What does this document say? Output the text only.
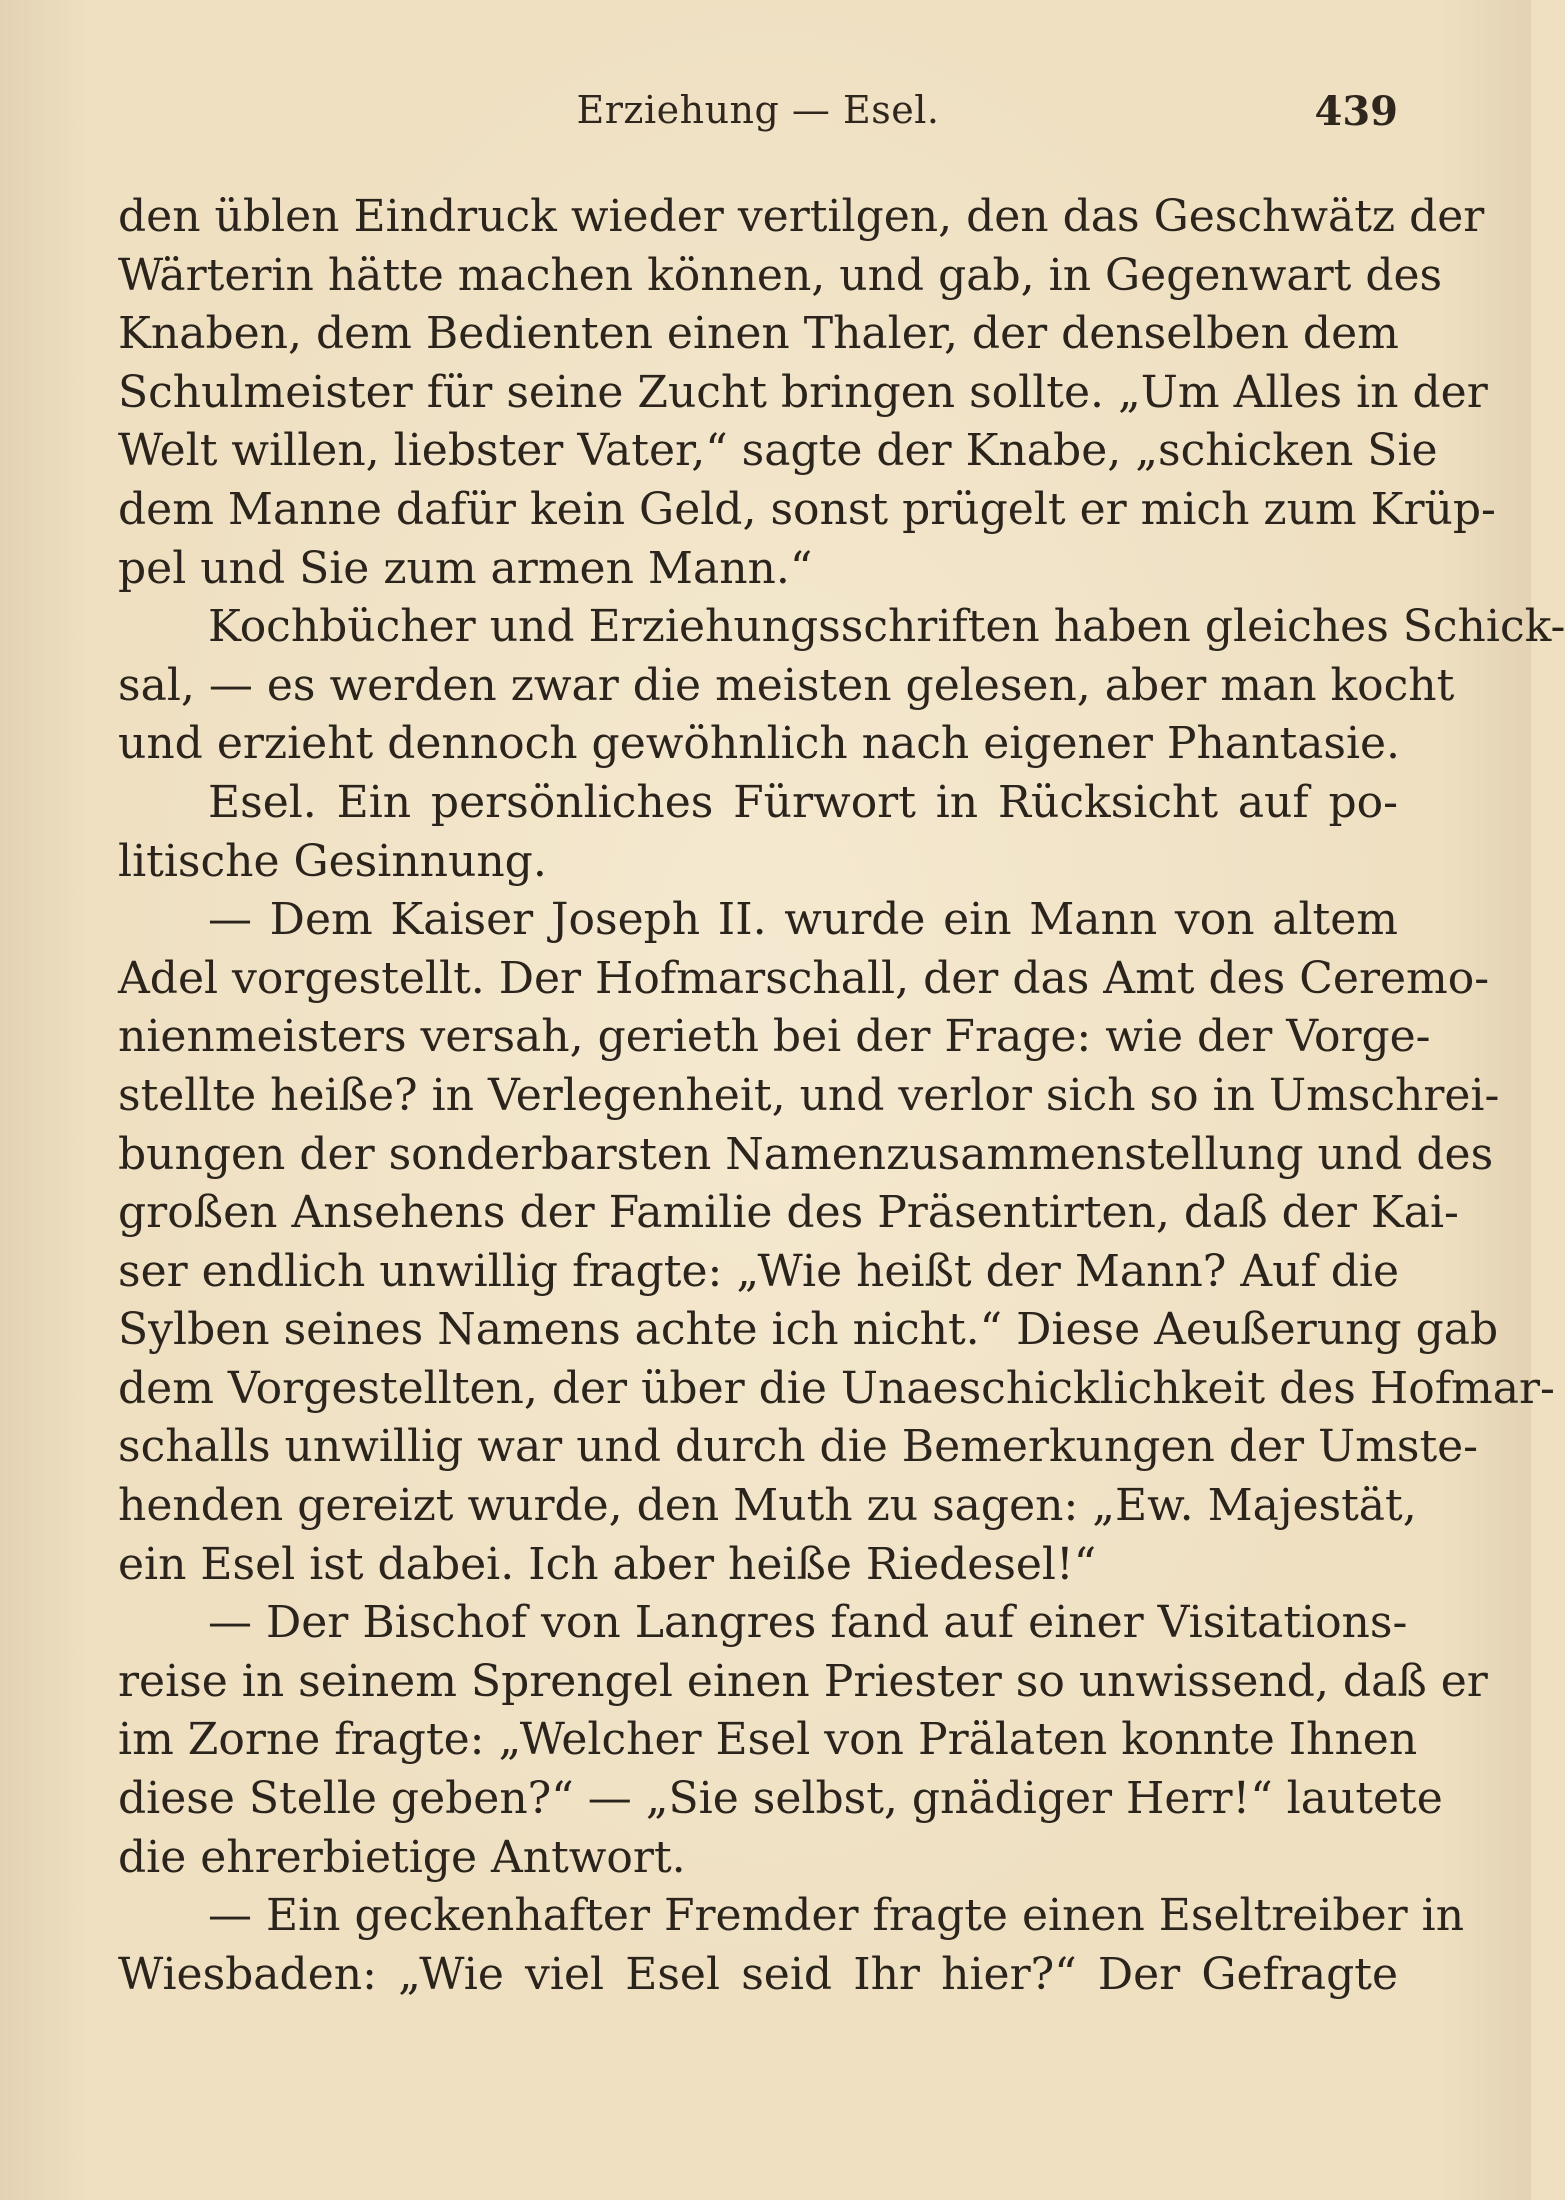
Erziehung — Esel.	439
den üblen Eindruck wieder vertilgen, den das Geschwätz der
Wärterin hätte machen können, und gab, in Gegenwart des
Knaben, dem Bedienten einen Thaler, der denselben dem
Schulmeister für seine Zucht bringen sollte. „Um Alles in der
Welt willen, liebster Vater,“ sagte der Knabe, „schicken Sie
dem Manne dafür kein Geld, sonst prügelt er mich zum Krüp-
pel und Sie zum armen Mann.“
Kochbücher und Erziehungsschriften haben gleiches Schick-
sal, — es werden zwar die meisten gelesen, aber man kocht
und erzieht dennoch gewöhnlich nach eigener Phantasie.
Esel. Ein persönliches Fürwort in Rücksicht auf po-
litische Gesinnung.
— Dem Kaiser Joseph II. wurde ein Mann von altem
Adel vorgestellt. Der Hofmarschall, der das Amt des Ceremo-
nienmeisters versah, gerieth bei der Frage: wie der Vorge-
stellte heiße? in Verlegenheit, und verlor sich so in Umschrei-
bungen der sonderbarsten Namenzusammenstellung und des
großen Ansehens der Familie des Präsentirten, daß der Kai-
ser endlich unwillig fragte: „Wie heißt der Mann? Auf die
Sylben seines Namens achte ich nicht.“ Diese Aeußerung gab
dem Vorgestellten, der über die Unaeschicklichkeit des Hofmar-
schalls unwillig war und durch die Bemerkungen der Umste-
henden gereizt wurde, den Muth zu sagen: „Ew. Majestät,
ein Esel ist dabei. Ich aber heiße Riedesel!“
— Der Bischof von Langres fand auf einer Visitations-
reise in seinem Sprengel einen Priester so unwissend, daß er
im Zorne fragte: „Welcher Esel von Prälaten konnte Ihnen
diese Stelle geben?“ — „Sie selbst, gnädiger Herr!“ lautete
die ehrerbietige Antwort.
— Ein geckenhafter Fremder fragte einen Eseltreiber in
Wiesbaden: „Wie viel Esel seid Ihr hier?“ Der Gefragte
